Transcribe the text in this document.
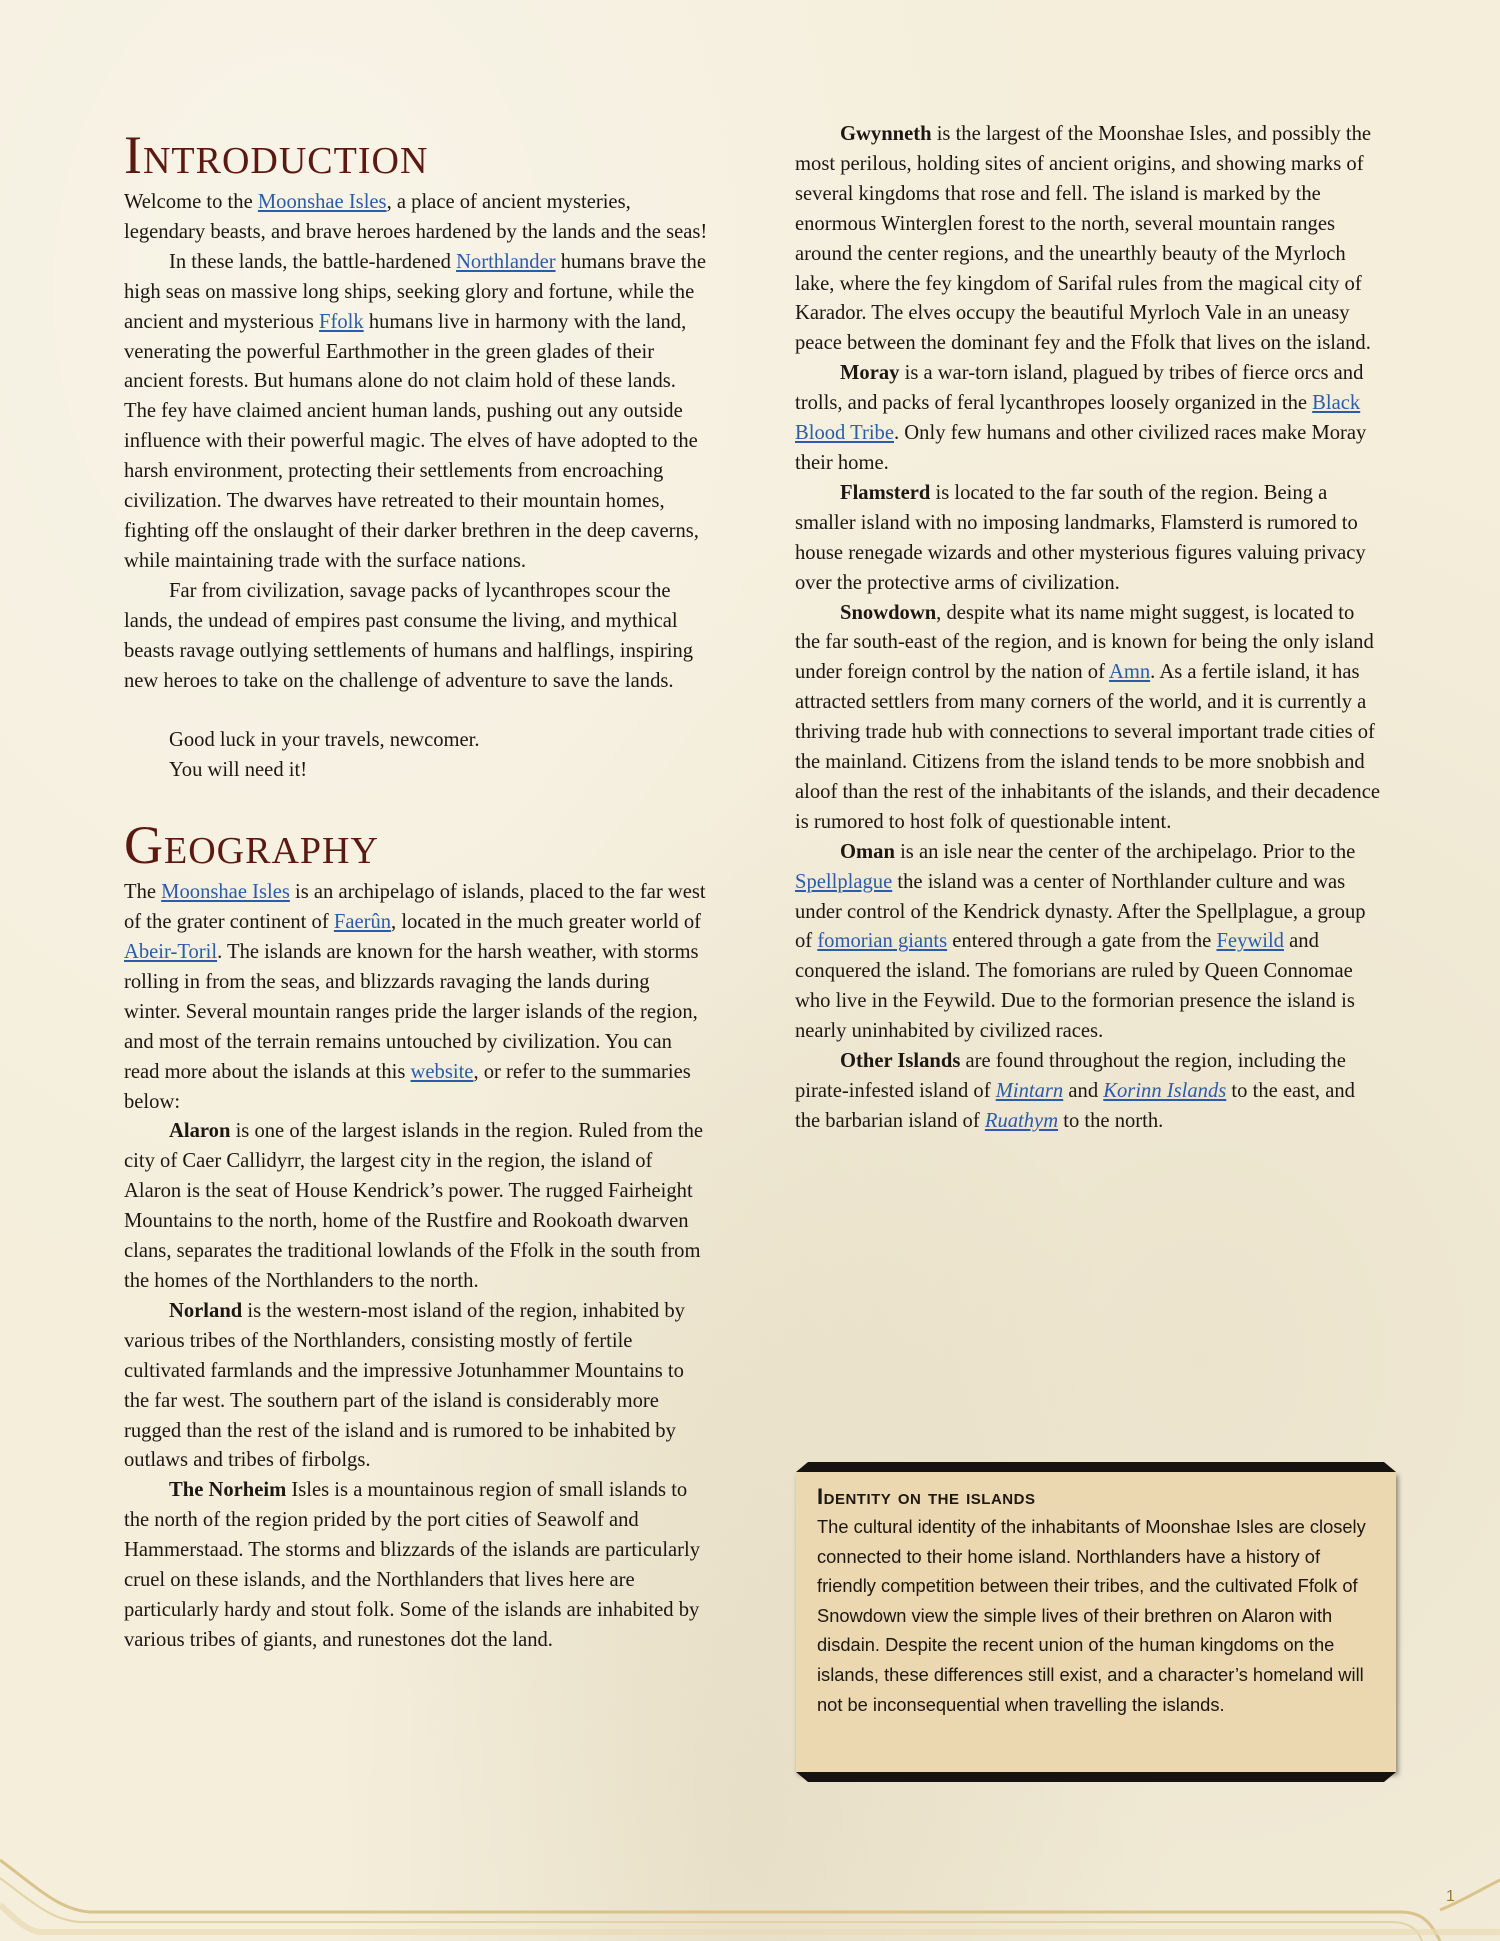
Introduction

Welcome to the Moonshae Isles, a place of ancient mysteries, legendary beasts, and brave heroes hardened by the lands and the seas!

In these lands, the battle-hardened Northlander humans brave the high seas on massive long ships, seeking glory and fortune, while the ancient and mysterious Ffolk humans live in harmony with the land, venerating the powerful Earthmother in the green glades of their ancient forests. But humans alone do not claim hold of these lands. The fey have claimed ancient human lands, pushing out any outside influence with their powerful magic. The elves of have adopted to the harsh environment, protecting their settlements from encroaching civilization. The dwarves have retreated to their mountain homes, fighting off the onslaught of their darker brethren in the deep caverns, while maintaining trade with the surface nations.

Far from civilization, savage packs of lycanthropes scour the lands, the undead of empires past consume the living, and mythical beasts ravage outlying settlements of humans and halflings, inspiring new heroes to take on the challenge of adventure to save the lands.

Good luck in your travels, newcomer.
You will need it!
Geography

The Moonshae Isles is an archipelago of islands, placed to the far west of the grater continent of Faerûn, located in the much greater world of Abeir-Toril. The islands are known for the harsh weather, with storms rolling in from the seas, and blizzards ravaging the lands during winter. Several mountain ranges pride the larger islands of the region, and most of the terrain remains untouched by civilization. You can read more about the islands at this website, or refer to the summaries below:

Alaron is one of the largest islands in the region. Ruled from the city of Caer Callidyrr, the largest city in the region, the island of Alaron is the seat of House Kendrick’s power. The rugged Fairheight Mountains to the north, home of the Rustfire and Rookoath dwarven clans, separates the traditional lowlands of the Ffolk in the south from the homes of the Northlanders to the north.

Norland is the western-most island of the region, inhabited by various tribes of the Northlanders, consisting mostly of fertile cultivated farmlands and the impressive Jotunhammer Mountains to the far west. The southern part of the island is considerably more rugged than the rest of the island and is rumored to be inhabited by outlaws and tribes of firbolgs.

The Norheim Isles is a mountainous region of small islands to the north of the region prided by the port cities of Seawolf and Hammerstaad. The storms and blizzards of the islands are particularly cruel on these islands, and the Northlanders that lives here are particularly hardy and stout folk. Some of the islands are inhabited by various tribes of giants, and runestones dot the land.

Gwynneth is the largest of the Moonshae Isles, and possibly the most perilous, holding sites of ancient origins, and showing marks of several kingdoms that rose and fell. The island is marked by the enormous Winterglen forest to the north, several mountain ranges around the center regions, and the unearthly beauty of the Myrloch lake, where the fey kingdom of Sarifal rules from the magical city of Karador. The elves occupy the beautiful Myrloch Vale in an uneasy peace between the dominant fey and the Ffolk that lives on the island.

Moray is a war-torn island, plagued by tribes of fierce orcs and trolls, and packs of feral lycanthropes loosely organized in the Black Blood Tribe. Only few humans and other civilized races make Moray their home.

Flamsterd is located to the far south of the region. Being a smaller island with no imposing landmarks, Flamsterd is rumored to house renegade wizards and other mysterious figures valuing privacy over the protective arms of civilization.

Snowdown, despite what its name might suggest, is located to the far south-east of the region, and is known for being the only island under foreign control by the nation of Amn. As a fertile island, it has attracted settlers from many corners of the world, and it is currently a thriving trade hub with connections to several important trade cities of the mainland. Citizens from the island tends to be more snobbish and aloof than the rest of the inhabitants of the islands, and their decadence is rumored to host folk of questionable intent.

Oman is an isle near the center of the archipelago. Prior to the Spellplague the island was a center of Northlander culture and was under control of the Kendrick dynasty. After the Spellplague, a group of fomorian giants entered through a gate from the Feywild and conquered the island. The fomorians are ruled by Queen Connomae who live in the Feywild. Due to the formorian presence the island is nearly uninhabited by civilized races.

Other Islands are found throughout the region, including the pirate-infested island of Mintarn and Korinn Islands to the east, and the barbarian island of Ruathym to the north.

Identity on the islands
The cultural identity of the inhabitants of Moonshae Isles are closely connected to their home island. Northlanders have a history of friendly competition between their tribes, and the cultivated Ffolk of Snowdown view the simple lives of their brethren on Alaron with disdain. Despite the recent union of the human kingdoms on the islands, these differences still exist, and a character’s homeland will not be inconsequential when travelling the islands.
1
